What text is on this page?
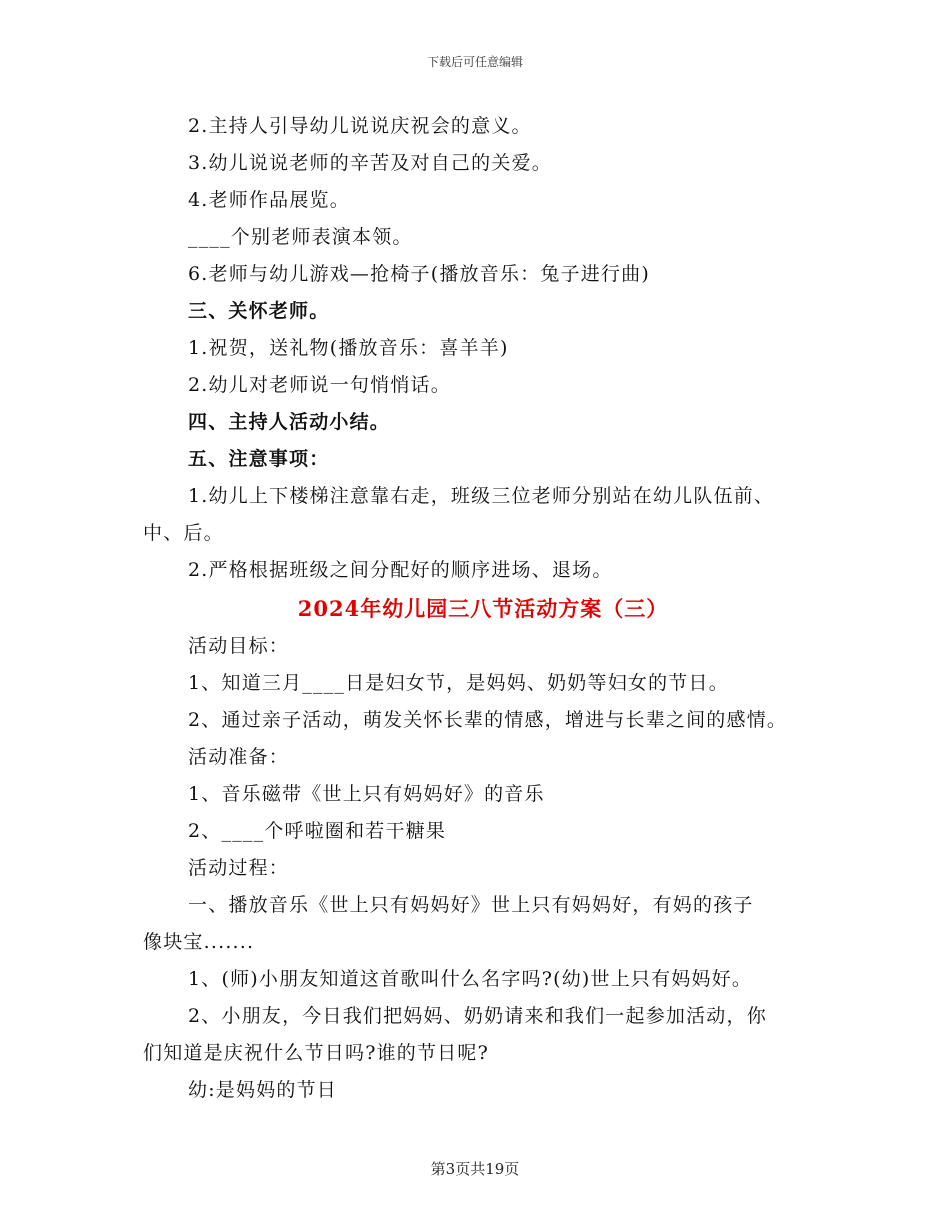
下载后可任意编辑
2.主持人引导幼儿说说庆祝会的意义。
3.幼儿说说老师的辛苦及对自己的关爱。
4.老师作品展览。
____个别老师表演本领。
6.老师与幼儿游戏—抢椅子(播放音乐：兔子进行曲)
三、关怀老师。
1.祝贺，送礼物(播放音乐：喜羊羊)
2.幼儿对老师说一句悄悄话。
四、主持人活动小结。
五、注意事项：
1.幼儿上下楼梯注意靠右走，班级三位老师分别站在幼儿队伍前、
中、后。
2.严格根据班级之间分配好的顺序进场、退场。
2024年幼儿园三八节活动方案（三）
活动目标：
1、知道三月____日是妇女节，是妈妈、奶奶等妇女的节日。
2、通过亲子活动，萌发关怀长辈的情感，增进与长辈之间的感情。
活动准备：
1、音乐磁带《世上只有妈妈好》的音乐
2、____个呼啦圈和若干糖果
活动过程：
一、播放音乐《世上只有妈妈好》世上只有妈妈好，有妈的孩子
像块宝.......
1、(师)小朋友知道这首歌叫什么名字吗?(幼)世上只有妈妈好。
2、小朋友，今日我们把妈妈、奶奶请来和我们一起参加活动，你
们知道是庆祝什么节日吗?谁的节日呢?
幼:是妈妈的节日
第3页共19页
